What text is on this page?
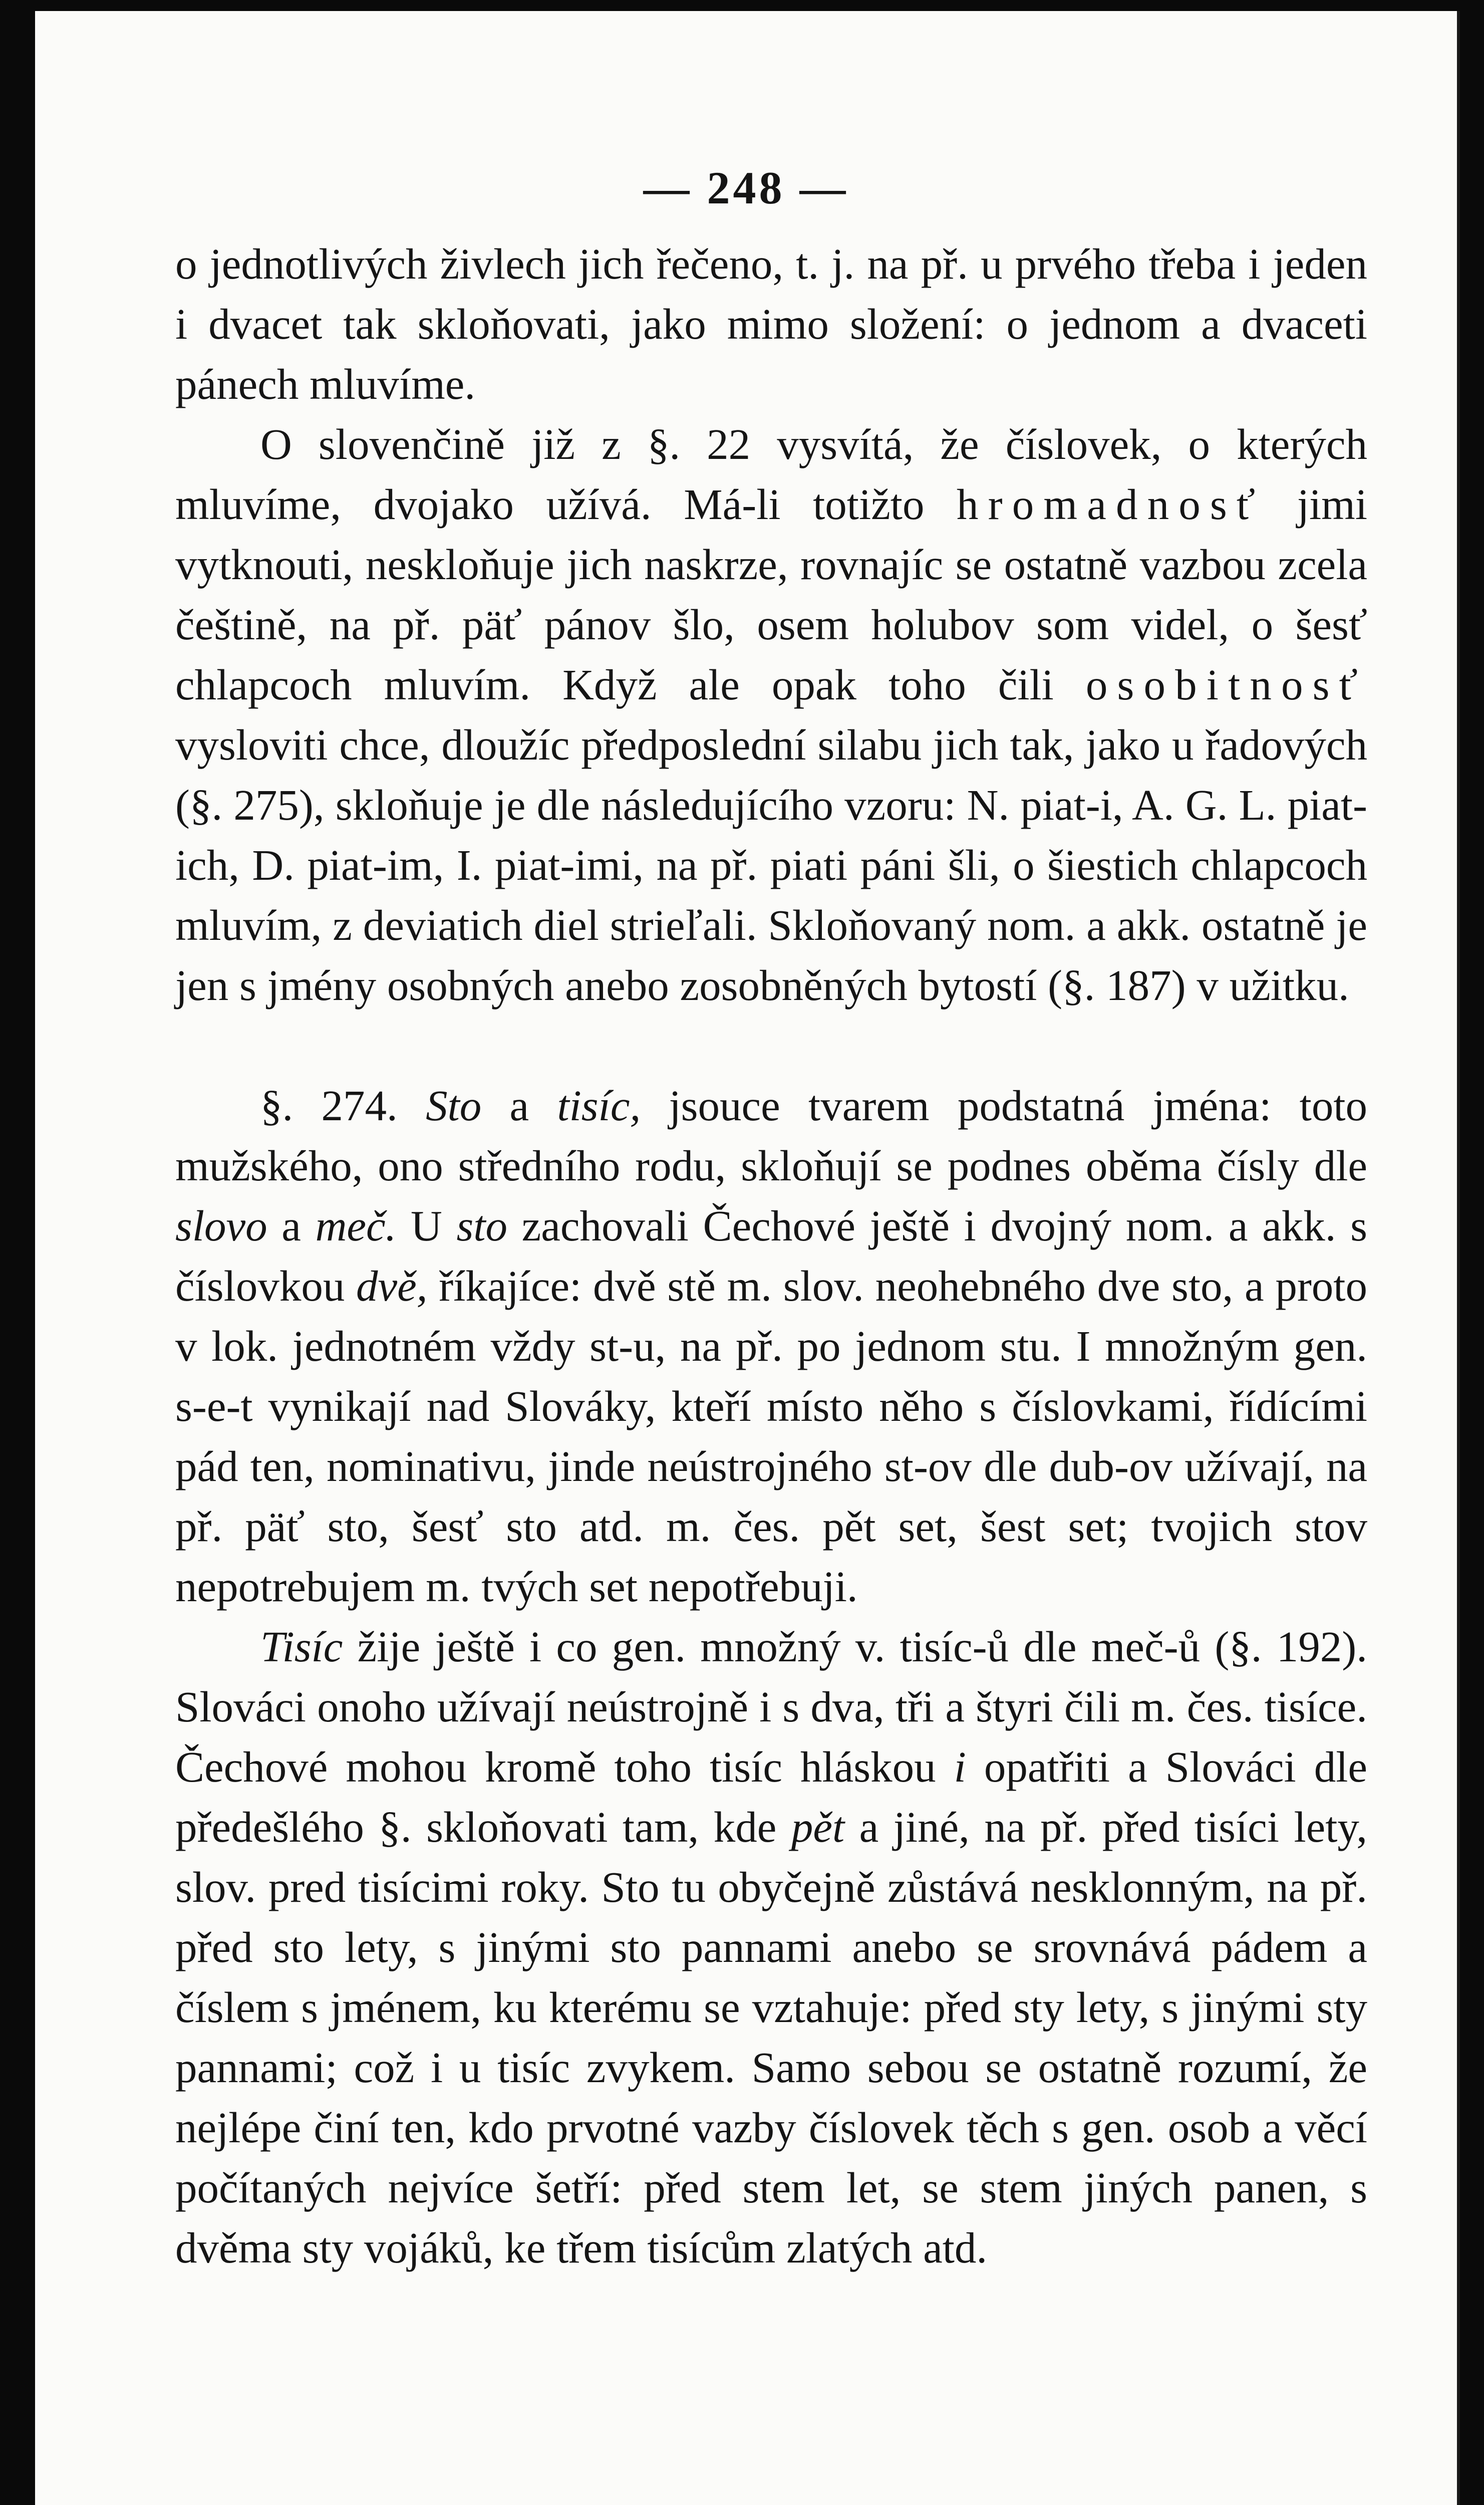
— 248 —

o jednotlivých živlech jich řečeno, t. j. na př. u prvého třeba i jeden i dvacet tak skloňovati, jako mimo složení: o jednom a dvaceti pánech mluvíme.

O slovenčině již z §. 22 vysvítá, že číslovek, o kterých mluvíme, dvojako užívá. Má-li totižto hromadnosť jimi vytknouti, neskloňuje jich naskrze, rovnajíc se ostatně vazbou zcela češtině, na př. päť pánov šlo, osem holubov som videl, o šesť chlapcoch mluvím. Když ale opak toho čili osobitnosť vysloviti chce, dloužíc předposlední silabu jich tak, jako u řadových (§. 275), skloňuje je dle následujícího vzoru: N. piat-i, A. G. L. piat-ich, D. piat-im, I. piat-imi, na př. piati páni šli, o šiestich chlapcoch mluvím, z deviatich diel strieľali. Skloňovaný nom. a akk. ostatně je jen s jmény osobných anebo zosobněných bytostí (§. 187) v užitku.

§. 274. Sto a tisíc, jsouce tvarem podstatná jména: toto mužského, ono středního rodu, skloňují se podnes oběma čísly dle slovo a meč. U sto zachovali Čechové ještě i dvojný nom. a akk. s číslovkou dvě, říkajíce: dvě stě m. slov. neohebného dve sto, a proto v lok. jednotném vždy st-u, na př. po jednom stu. I množným gen. s-e-t vynikají nad Slováky, kteří místo něho s číslovkami, řídícími pád ten, nominativu, jinde neústrojného st-ov dle dub-ov užívají, na př. päť sto, šesť sto atd. m. čes. pět set, šest set; tvojich stov nepotrebujem m. tvých set nepotřebuji.

Tisíc žije ještě i co gen. množný v. tisíc-ů dle meč-ů (§. 192). Slováci onoho užívají neústrojně i s dva, tři a štyri čili m. čes. tisíce. Čechové mohou kromě toho tisíc hláskou i opatřiti a Slováci dle předešlého §. skloňovati tam, kde pět a jiné, na př. před tisíci lety, slov. pred tisícimi roky. Sto tu obyčejně zůstává nesklonným, na př. před sto lety, s jinými sto pannami anebo se srovnává pádem a číslem s jménem, ku kterému se vztahuje: před sty lety, s jinými sty pannami; což i u tisíc zvykem. Samo sebou se ostatně rozumí, že nejlépe činí ten, kdo prvotné vazby číslovek těch s gen. osob a věcí počítaných nejvíce šetří: před stem let, se stem jiných panen, s dvěma sty vojáků, ke třem tisícům zlatých atd.
